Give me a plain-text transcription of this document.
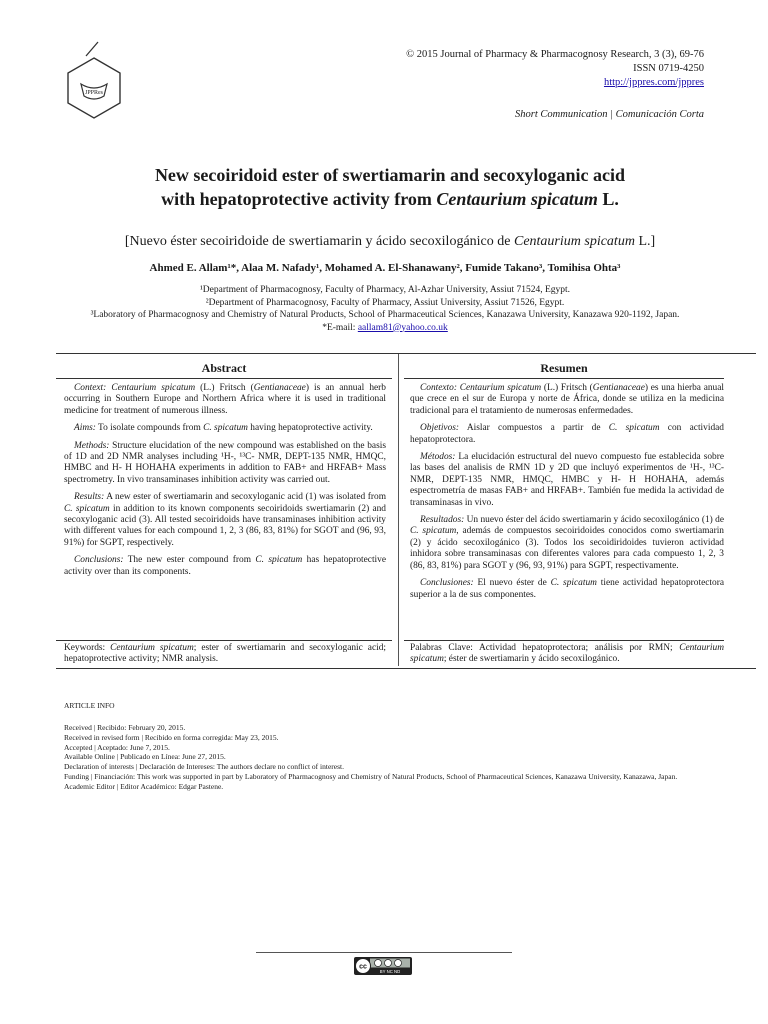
JPPRes
© 2015 Journal of Pharmacy & Pharmacognosy Research, 3 (3), 69-76
ISSN 0719-4250
http://jppres.com/jppres
Short Communication | Comunicación Corta
New secoiridoid ester of swertiamarin and secoxyloganic acid
with hepatoprotective activity from Centaurium spicatum L.
[Nuevo éster secoiridoide de swertiamarin y ácido secoxilogánico de Centaurium spicatum L.]
Ahmed E. Allam¹*, Alaa M. Nafady¹, Mohamed A. El-Shanawany², Fumide Takano³, Tomihisa Ohta³
¹Department of Pharmacognosy, Faculty of Pharmacy, Al-Azhar University, Assiut 71524, Egypt.
²Department of Pharmacognosy, Faculty of Pharmacy, Assiut University, Assiut 71526, Egypt.
³Laboratory of Pharmacognosy and Chemistry of Natural Products, School of Pharmaceutical Sciences, Kanazawa University, Kanazawa 920-1192, Japan.
*E-mail: aallam81@yahoo.co.uk
Abstract	Resumen

Context: Centaurium spicatum (L.) Fritsch (Gentianaceae) is an annual herb occurring in Southern Europe and Northern Africa where it is used in traditional medicine for treatment of numerous illness.

Aims: To isolate compounds from C. spicatum having hepatoprotective activity.

Methods: Structure elucidation of the new compound was established on the basis of 1D and 2D NMR analyses including ¹H-, ¹³C- NMR, DEPT-135 NMR, HMQC, HMBC and H- H HOHAHA experiments in addition to FAB+ and HRFAB+ Mass spectrometry. In vivo transaminases inhibition activity was carried out.

Results: A new ester of swertiamarin and secoxyloganic acid (1) was isolated from C. spicatum in addition to its known components secoiridoids swertiamarin (2) and secoxyloganic acid (3). All tested secoiridoids have transaminases inhibition activity with different values for each compound 1, 2, 3 (86, 83, 81%) for SGOT and (96, 93, 91%) for SGPT, respectively.

Conclusions: The new ester compound from C. spicatum has hepatoprotective activity over than its components.

Contexto: Centaurium spicatum (L.) Fritsch (Gentianaceae) es una hierba anual que crece en el sur de Europa y norte de África, donde se utiliza en la medicina tradicional para el tratamiento de numerosas enfermedades.

Objetivos: Aislar compuestos a partir de C. spicatum con actividad hepatoprotectora.

Métodos: La elucidación estructural del nuevo compuesto fue establecida sobre las bases del analisis de RMN 1D y 2D que incluyó experimentos de ¹H-, ¹³C- NMR, DEPT-135 NMR, HMQC, HMBC y H- H HOHAHA, además espectrometría de masas FAB+ and HRFAB+. También fue medida la actividad de transaminasas in vivo.

Resultados: Un nuevo éster del ácido swertiamarin y ácido secoxilogánico (1) de C. spicatum, además de compuestos secoiridoides conocidos como swertiamarin (2) y ácido secoxilogánico (3). Todos los secoidiridoides tuvieron actividad inhidora sobre transaminasas con diferentes valores para cada compuesto 1, 2, 3 (86, 83, 81%) para SGOT y (96, 93, 91%) para SGPT, respectivamente.

Conclusiones: El nuevo éster de C. spicatum tiene actividad hepatoprotectora superior a la de sus componentes.

Keywords: Centaurium spicatum; ester of swertiamarin and secoxyloganic acid; hepatoprotective activity; NMR analysis.
Palabras Clave: Actividad hepatoprotectora; análisis por RMN; Centaurium spicatum; éster de swertiamarin y ácido secoxilogánico.
ARTICLE INFO
Received | Recibido: February 20, 2015.
Received in revised form | Recibido en forma corregida: May 23, 2015.
Accepted | Aceptado: June 7, 2015.
Available Online | Publicado en Línea: June 27, 2015.
Declaration of interests | Declaración de Intereses: The authors declare no conflict of interest.
Funding | Financiación: This work was supported in part by Laboratory of Pharmacognosy and Chemistry of Natural Products, School of Pharmaceutical Sciences, Kanazawa University, Kanazawa, Japan.
Academic Editor | Editor Académico: Edgar Pastene.
cc
BY NC ND
